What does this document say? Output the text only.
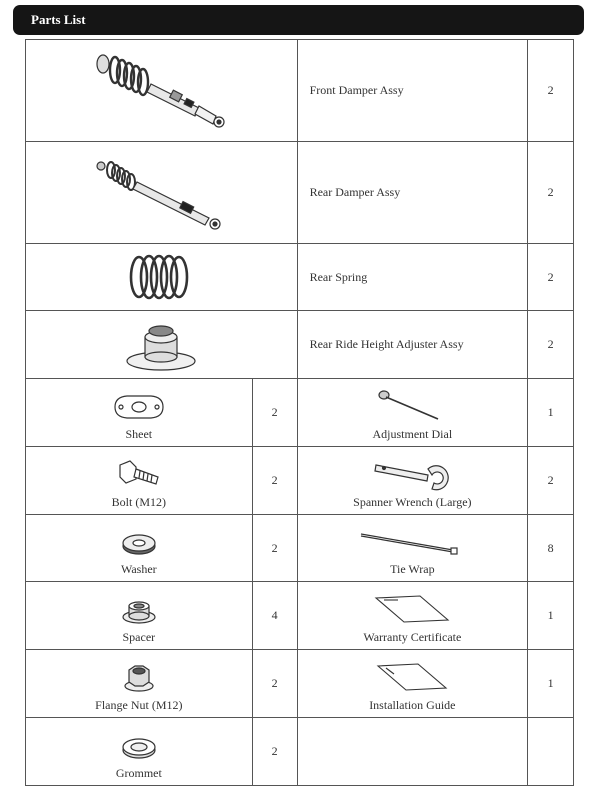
Parts List
	Front Damper Assy	2

	Rear Damper Assy	2

	Rear Spring	2

	Rear Ride Height Adjuster Assy	2

Sheet	2	Adjustment Dial	1

Bolt (M12)	2	Spanner Wrench (Large)	2

Washer	2	Tie Wrap	8

Spacer	4	Warranty Certificate	1

Flange Nut (M12)	2	Installation Guide	1

Grommet	2		
